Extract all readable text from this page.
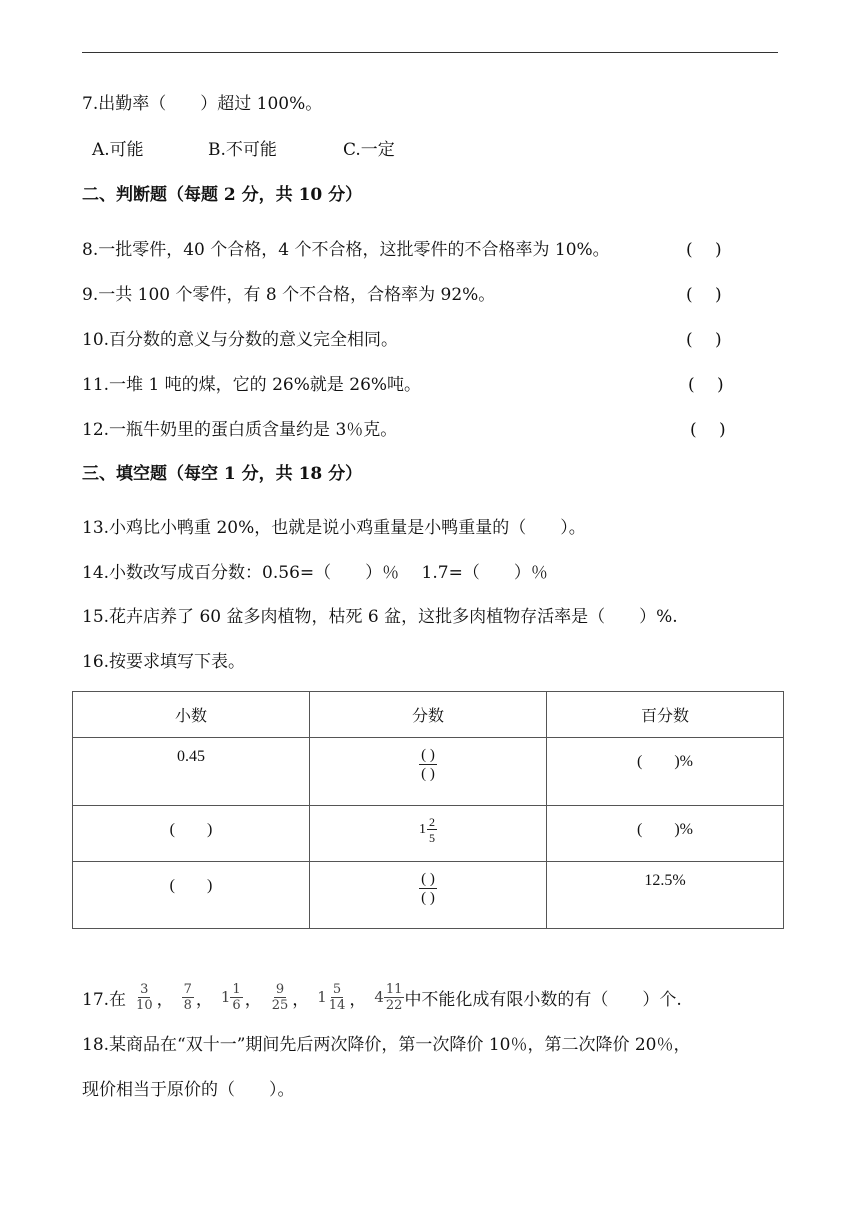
7.出勤率（　　）超过 100%。
A.可能	B.不可能	C.一定
二、判断题（每题 2 分，共 10 分）
8.一批零件，40 个合格，4 个不合格，这批零件的不合格率为 10%。	(　 )
9.一共 100 个零件，有 8 个不合格，合格率为 92%。	(　 )
10.百分数的意义与分数的意义完全相同。	(　 )
11.一堆 1 吨的煤，它的 26%就是 26%吨。	(　 )
12.一瓶牛奶里的蛋白质含量约是 3％克。	(　 )
三、填空题（每空 1 分，共 18 分）
13.小鸡比小鸭重 20%，也就是说小鸡重量是小鸭重量的（　　）。
14.小数改写成百分数：0.56=（　　）％　 1.7=（　　）％
15.花卉店养了 60 盆多肉植物，枯死 6 盆，这批多肉植物存活率是（　　）%.
16.按要求填写下表。
小数	分数	百分数
0.45	$\frac{( )}{( )}$	(　　)%
(　　)	$1 \frac{2}{5}$	(　　)%
(　　)	$\frac{( )}{( )}$	12.5%
17.在 $\frac{3}{10}$ ， $\frac{7}{8}$ ， $1 \frac{1}{6}$ ， $\frac{9}{25}$ ， $1 \frac{5}{14}$ ， $4 \frac{11}{22}$ 中不能化成有限小数的有（　　）个.
18.某商品在“双十一”期间先后两次降价，第一次降价 10％，第二次降价 20％，
现价相当于原价的（　　）。
